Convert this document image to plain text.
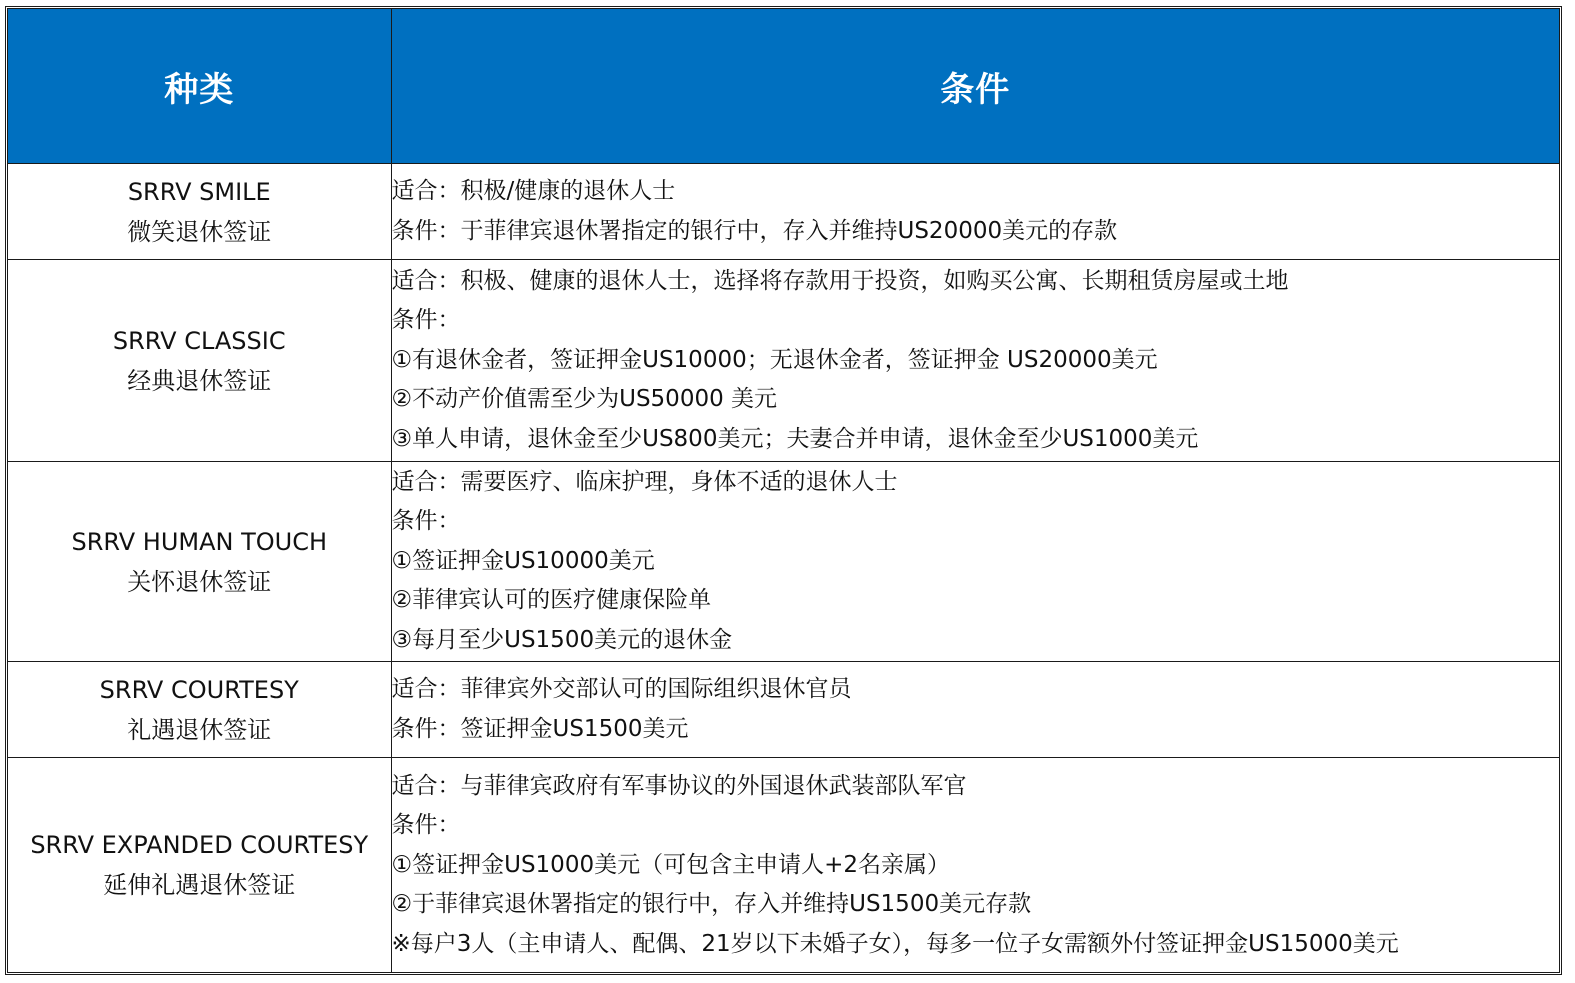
种类	条件

SRRV SMILE
微笑退休签证	适合：积极/健康的退休人士
条件：于菲律宾退休署指定的银行中，存入并维持US20000美元的存款

SRRV CLASSIC
经典退休签证	适合：积极、健康的退休人士，选择将存款用于投资，如购买公寓、长期租赁房屋或土地
条件：
①有退休金者，签证押金US10000；无退休金者，签证押金 US20000美元
②不动产价值需至少为US50000 美元
③单人申请，退休金至少US800美元；夫妻合并申请，退休金至少US1000美元

SRRV HUMAN TOUCH
关怀退休签证	适合：需要医疗、临床护理，身体不适的退休人士
条件：
①签证押金US10000美元
②菲律宾认可的医疗健康保险单
③每月至少US1500美元的退休金

SRRV COURTESY
礼遇退休签证	适合：菲律宾外交部认可的国际组织退休官员
条件：签证押金US1500美元

SRRV EXPANDED COURTESY
延伸礼遇退休签证	适合：与菲律宾政府有军事协议的外国退休武装部队军官
条件：
①签证押金US1000美元（可包含主申请人+2名亲属）
②于菲律宾退休署指定的银行中，存入并维持US1500美元存款
※每户3人（主申请人、配偶、21岁以下未婚子女），每多一位子女需额外付签证押金US15000美元
